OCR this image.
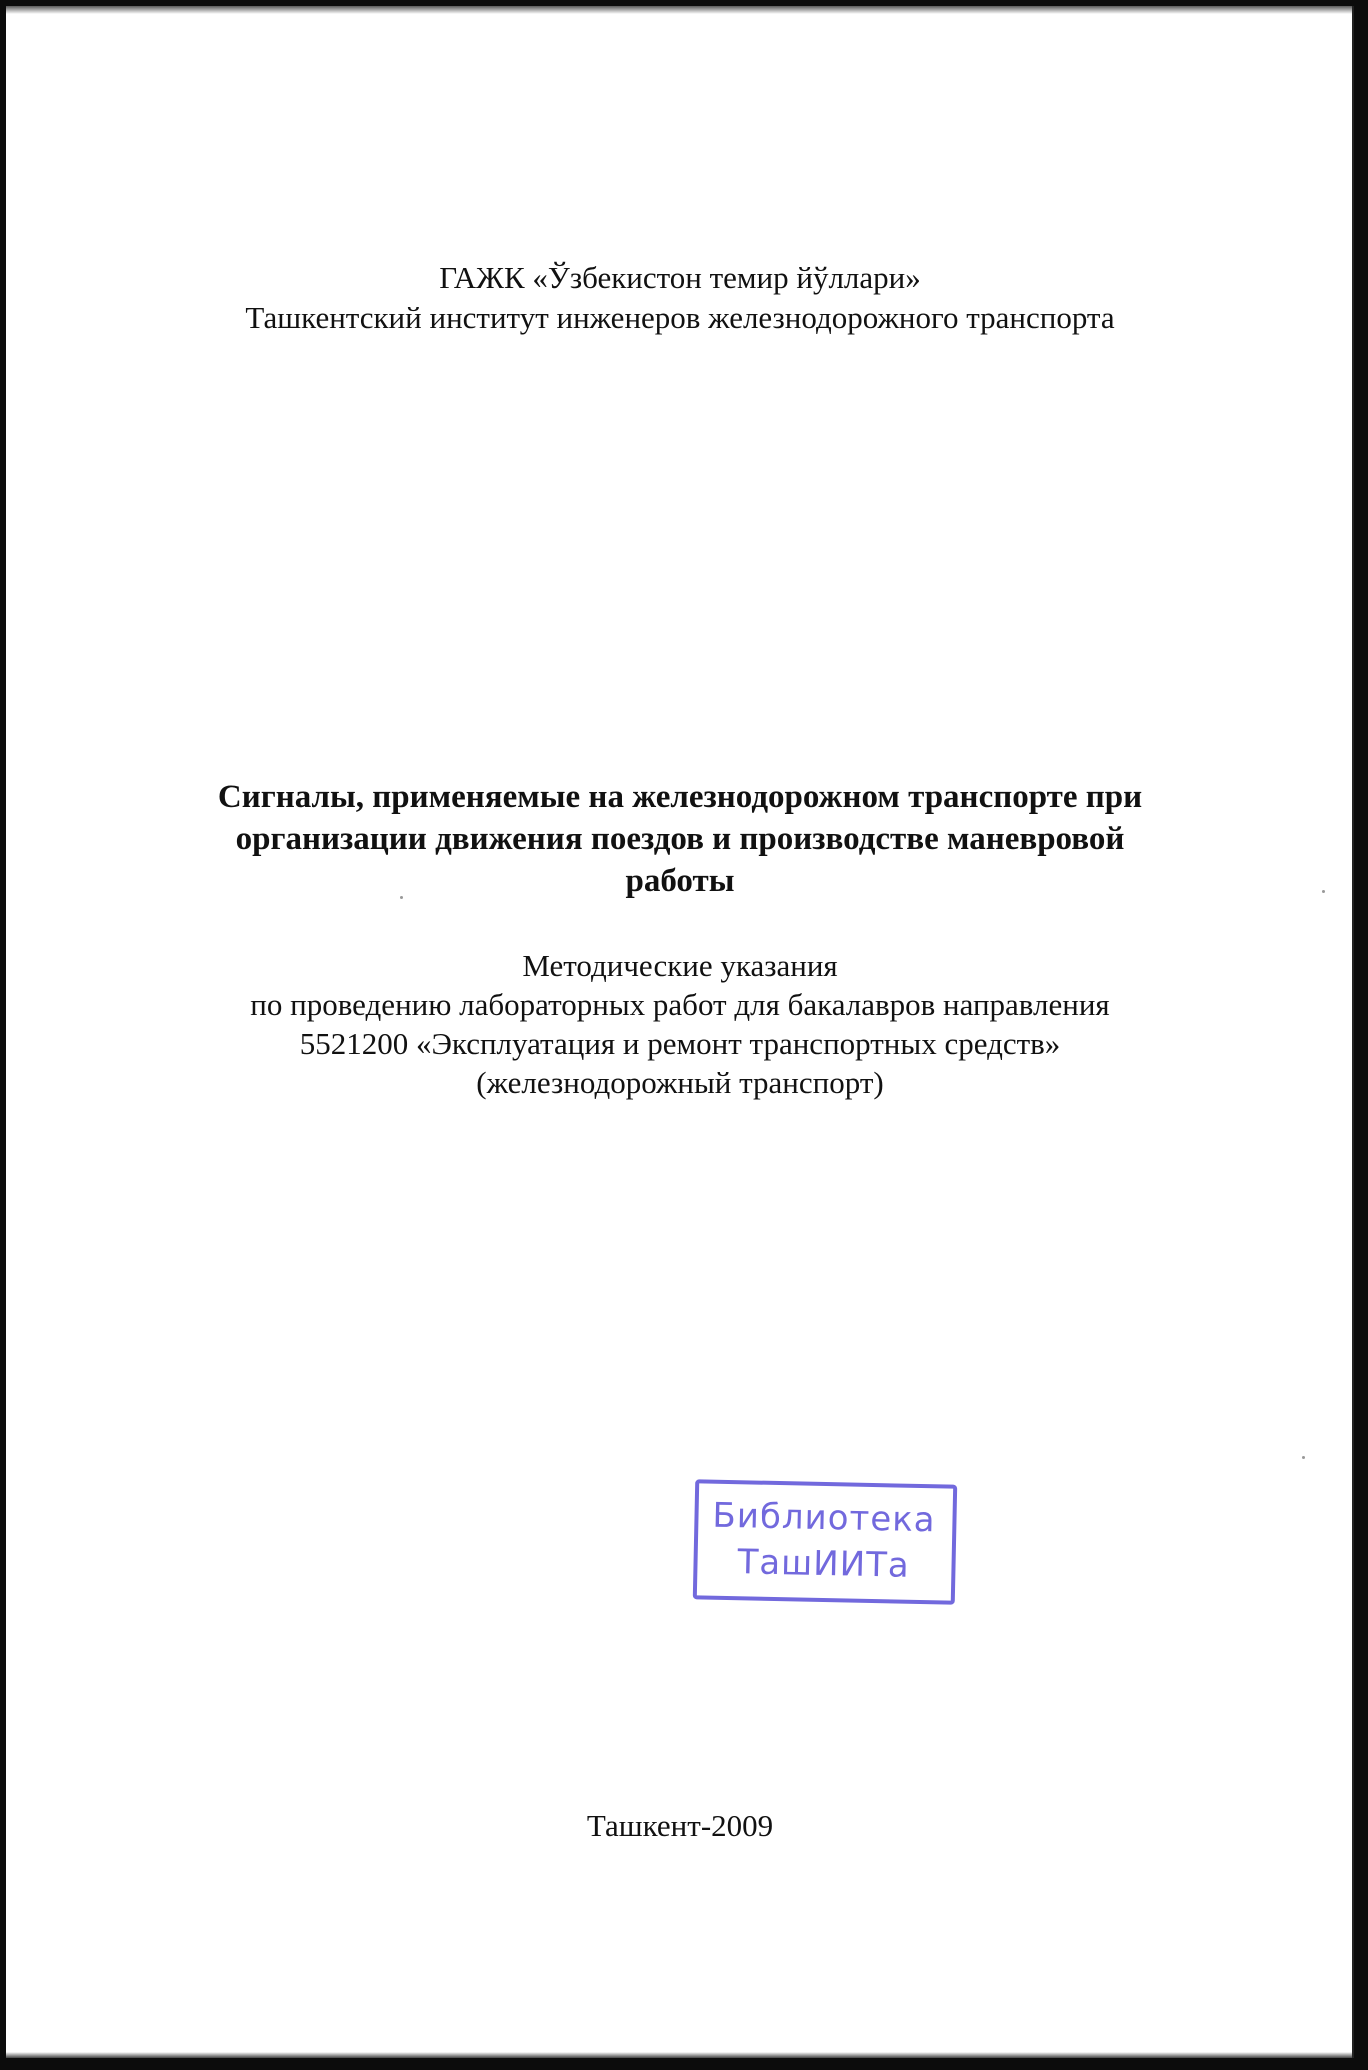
ГАЖК «Ўзбекистон темир йўллари»
Ташкентский институт инженеров железнодорожного транспорта
Сигналы, применяемые на железнодорожном транспорте при
организации движения поездов и производстве маневровой
работы
Методические указания
по проведению лабораторных работ для бакалавров направления
5521200 «Эксплуатация и ремонт транспортных средств»
(железнодорожный транспорт)
Библиотека
ТашИИТа
Ташкент-2009
